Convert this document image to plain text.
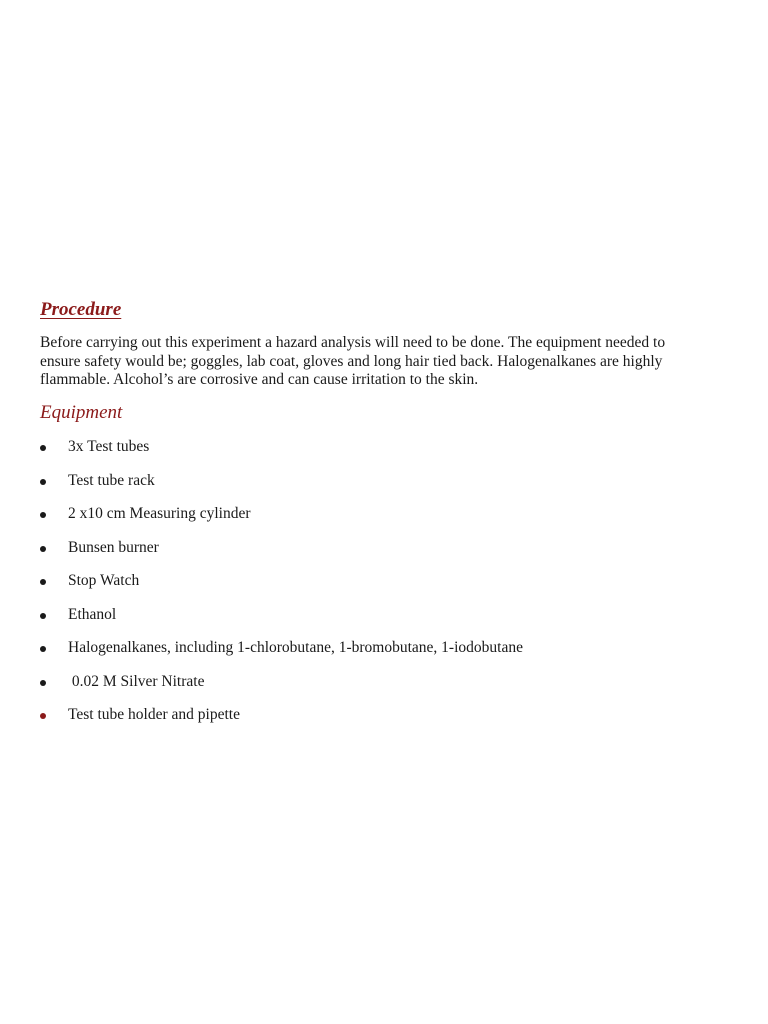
Procedure

Before carrying out this experiment a hazard analysis will need to be done. The equipment needed to
ensure safety would be; goggles, lab coat, gloves and long hair tied back. Halogenalkanes are highly
flammable. Alcohol’s are corrosive and can cause irritation to the skin.

Equipment
3x Test tubes
Test tube rack
2 x10 cm Measuring cylinder
Bunsen burner
Stop Watch
Ethanol
Halogenalkanes, including 1-chlorobutane, 1-bromobutane, 1-iodobutane
0.02 M Silver Nitrate
Test tube holder and pipette
